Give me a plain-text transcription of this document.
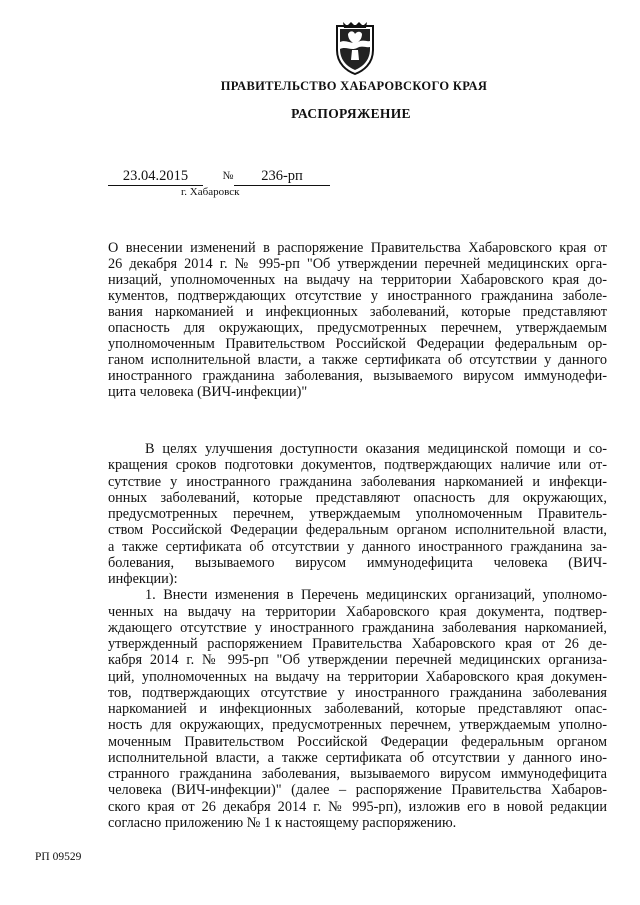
ПРАВИТЕЛЬСТВО ХАБАРОВСКОГО КРАЯ
РАСПОРЯЖЕНИЕ
23.04.2015	№	236-рп
г. Хабаровск
О внесении изменений в распоряжение Правительства Хабаровского края от
26 декабря 2014 г. № 995-рп "Об утверждении перечней медицинских орга-
низаций, уполномоченных на выдачу на территории Хабаровского края до-
кументов, подтверждающих отсутствие у иностранного гражданина заболе-
вания наркоманией и инфекционных заболеваний, которые представляют
опасность для окружающих, предусмотренных перечнем, утверждаемым
уполномоченным Правительством Российской Федерации федеральным ор-
ганом исполнительной власти, а также сертификата об отсутствии у данного
иностранного гражданина заболевания, вызываемого вирусом иммунодефи-
цита человека (ВИЧ-инфекции)"
В целях улучшения доступности оказания медицинской помощи и со-
кращения сроков подготовки документов, подтверждающих наличие или от-
сутствие у иностранного гражданина заболевания наркоманией и инфекци-
онных заболеваний, которые представляют опасность для окружающих,
предусмотренных перечнем, утверждаемым уполномоченным Правитель-
ством Российской Федерации федеральным органом исполнительной власти,
а также сертификата об отсутствии у данного иностранного гражданина за-
болевания, вызываемого вирусом иммунодефицита человека (ВИЧ-
инфекции):
1. Внести изменения в Перечень медицинских организаций, уполномо-
ченных на выдачу на территории Хабаровского края документа, подтвер-
ждающего отсутствие у иностранного гражданина заболевания наркоманией,
утвержденный распоряжением Правительства Хабаровского края от 26 де-
кабря 2014 г. № 995-рп "Об утверждении перечней медицинских организа-
ций, уполномоченных на выдачу на территории Хабаровского края докумен-
тов, подтверждающих отсутствие у иностранного гражданина заболевания
наркоманией и инфекционных заболеваний, которые представляют опас-
ность для окружающих, предусмотренных перечнем, утверждаемым уполно-
моченным Правительством Российской Федерации федеральным органом
исполнительной власти, а также сертификата об отсутствии у данного ино-
странного гражданина заболевания, вызываемого вирусом иммунодефицита
человека (ВИЧ-инфекции)" (далее – распоряжение Правительства Хабаров-
ского края от 26 декабря 2014 г. № 995-рп), изложив его в новой редакции
согласно приложению № 1 к настоящему распоряжению.
РП 09529
